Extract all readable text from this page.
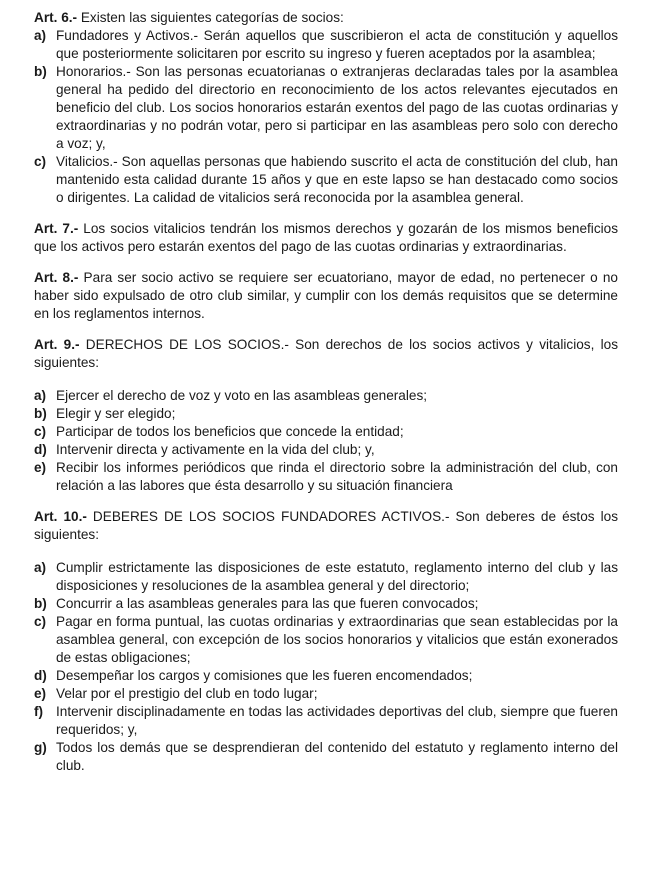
Art. 6.- Existen las siguientes categorías de socios:
a) Fundadores y Activos.- Serán aquellos que suscribieron el acta de constitución y aquellos que posteriormente solicitaren por escrito su ingreso y fueren aceptados por la asamblea;
b) Honorarios.- Son las personas ecuatorianas o extranjeras declaradas tales por la asamblea general ha pedido del directorio en reconocimiento de los actos relevantes ejecutados en beneficio del club. Los socios honorarios estarán exentos del pago de las cuotas ordinarias y extraordinarias y no podrán votar, pero si participar en las asambleas pero solo con derecho a voz; y,
c) Vitalicios.- Son aquellas personas que habiendo suscrito el acta de constitución del club, han mantenido esta calidad durante 15 años y que en este lapso se han destacado como socios o dirigentes. La calidad de vitalicios será reconocida por la asamblea general.
Art. 7.- Los socios vitalicios tendrán los mismos derechos y gozarán de los mismos beneficios que los activos pero estarán exentos del pago de las cuotas ordinarias y extraordinarias.
Art. 8.- Para ser socio activo se requiere ser ecuatoriano, mayor de edad, no pertenecer o no haber sido expulsado de otro club similar, y cumplir con los demás requisitos que se determine en los reglamentos internos.
Art. 9.- DERECHOS DE LOS SOCIOS.- Son derechos de los socios activos y vitalicios, los siguientes:
a) Ejercer el derecho de voz y voto en las asambleas generales;
b) Elegir y ser elegido;
c) Participar de todos los beneficios que concede la entidad;
d) Intervenir directa y activamente en la vida del club; y,
e) Recibir los informes periódicos que rinda el directorio sobre la administración del club, con relación a las labores que ésta desarrollo y su situación financiera
Art. 10.- DEBERES DE LOS SOCIOS FUNDADORES ACTIVOS.- Son deberes de éstos los siguientes:
a) Cumplir estrictamente las disposiciones de este estatuto, reglamento interno del club y las disposiciones y resoluciones de la asamblea general y del directorio;
b) Concurrir a las asambleas generales para las que fueren convocados;
c) Pagar en forma puntual, las cuotas ordinarias y extraordinarias que sean establecidas por la asamblea general, con excepción de los socios honorarios y vitalicios que están exonerados de estas obligaciones;
d) Desempeñar los cargos y comisiones que les fueren encomendados;
e) Velar por el prestigio del club en todo lugar;
f) Intervenir disciplinadamente en todas las actividades deportivas del club, siempre que fueren requeridos; y,
g) Todos los demás que se desprendieran del contenido del estatuto y reglamento interno del club.
